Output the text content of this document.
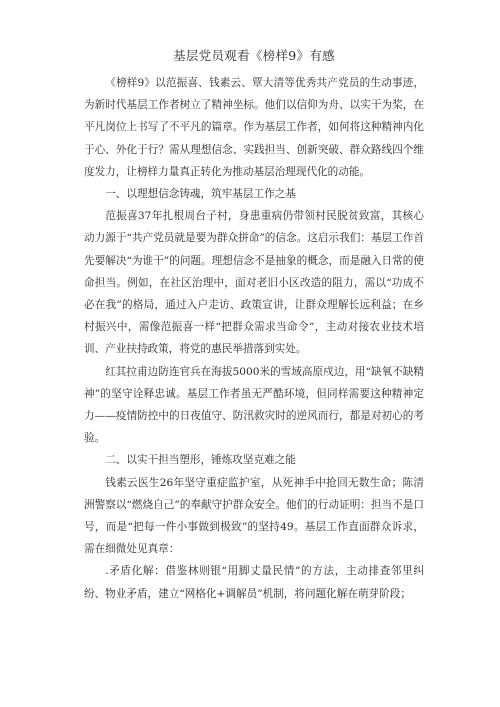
基层党员观看《榜样9》有感

《榜样9》以范振喜、钱素云、覃大清等优秀共产党员的生动事迹，为新时代基层工作者树立了精神坐标。他们以信仰为舟、以实干为桨，在平凡岗位上书写了不平凡的篇章。作为基层工作者，如何将这种精神内化于心、外化于行？需从理想信念、实践担当、创新突破、群众路线四个维度发力，让榜样力量真正转化为推动基层治理现代化的动能。

一、以理想信念铸魂，筑牢基层工作之基

范振喜37年扎根周台子村，身患重病仍带领村民脱贫致富，其核心动力源于“共产党员就是要为群众拼命”的信念。这启示我们：基层工作首先要解决“为谁干”的问题。理想信念不是抽象的概念，而是融入日常的使命担当。例如，在社区治理中，面对老旧小区改造的阻力，需以“功成不必在我”的格局，通过入户走访、政策宣讲，让群众理解长远利益；在乡村振兴中，需像范振喜一样“把群众需求当命令”，主动对接农业技术培训、产业扶持政策，将党的惠民举措落到实处。

红其拉甫边防连官兵在海拔5000米的雪域高原戍边，用“缺氧不缺精神”的坚守诠释忠诚。基层工作者虽无严酷环境，但同样需要这种精神定力——疫情防控中的日夜值守、防汛救灾时的逆风而行，都是对初心的考验。

二、以实干担当塑形，锤炼攻坚克难之能

钱素云医生26年坚守重症监护室，从死神手中抢回无数生命；陈清洲警察以“燃烧自己”的奉献守护群众安全。他们的行动证明：担当不是口号，而是“把每一件小事做到极致”的坚持49。基层工作直面群众诉求，需在细微处见真章：

.矛盾化解：借鉴林则银“用脚丈量民情”的方法，主动排查邻里纠纷、物业矛盾，建立“网格化+调解员”机制，将问题化解在萌芽阶段；
